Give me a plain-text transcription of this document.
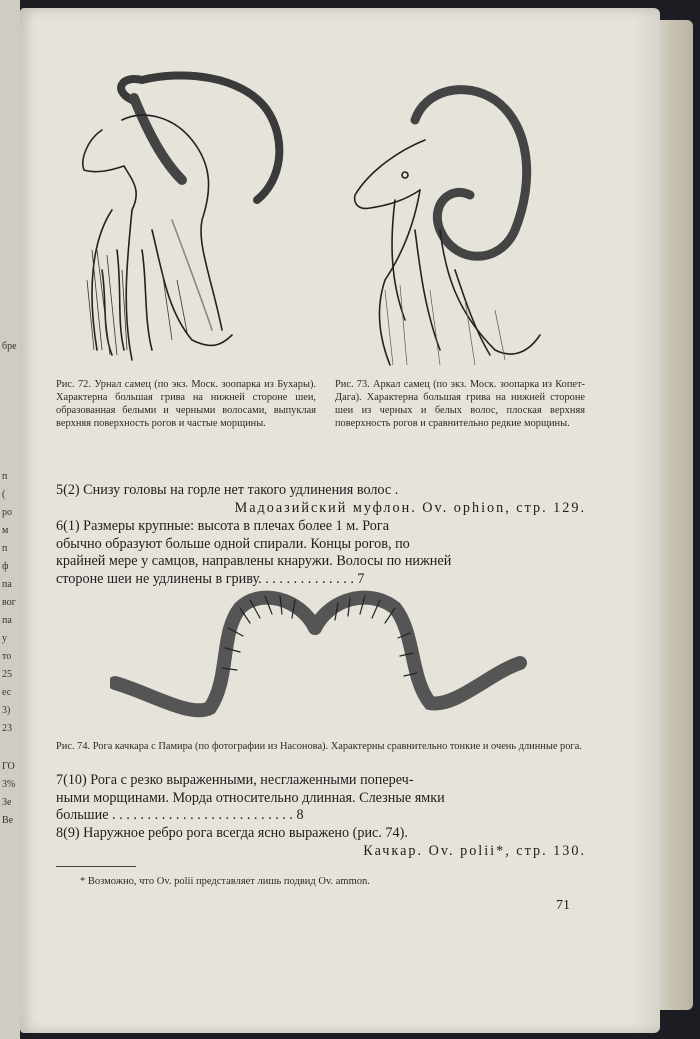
бре
п
(
ро
м
п
ф
па
вог
па
у
то
25
ес
3)
23
ГО
3%
3е
Ве
Рис. 72. Урнал самец (по экз. Моск. зоопарка из Бухары). Характерна большая грива на нижней стороне шеи, образованная белыми и черными волосами, выпуклая верхняя поверхность рогов и частые морщины.
Рис. 73. Аркал самец (по экз. Моск. зоопарка из Копет-Дага). Характерна большая грива на нижней стороне шеи из черных и белых волос, плоская верхняя поверхность рогов и сравнительно редкие морщины.
5(2) Снизу головы на горле нет такого удлинения волос .
Мадоазийский муфлон. Ov. ophion, стр. 129.
6(1) Размеры крупные: высота в плечах более 1 м. Рога
обычно образуют больше одной спирали. Концы рогов, по
крайней мере у самцов, направлены кнаружи. Волосы по нижней
стороне шеи не удлинены в гриву. . . . . . . . . . . . . . 7
Рис. 74. Рога качкара с Памира (по фотографии из Насонова). Характерны сравнительно тонкие и очень длинные рога.
7(10) Рога с резко выраженными, несглаженными попереч-
ными морщинами. Морда относительно длинная. Слезные ямки
большие . . . . . . . . . . . . . . . . . . . . . . . . . . 8
8(9) Наружное ребро рога всегда ясно выражено (рис. 74).
Качкар. Ov. polii*, стр. 130.
* Возможно, что Ov. polii представляет лишь подвид Ov. ammon.
71
